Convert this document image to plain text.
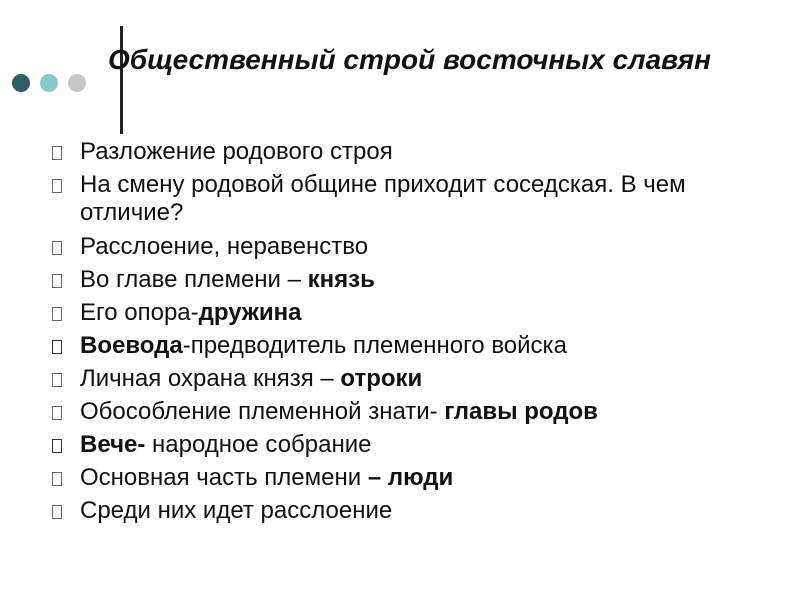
Общественный строй восточных славян
Разложение родового строя
На смену родовой общине приходит соседская. В чем отличие?
Расслоение, неравенство
Во главе племени – князь
Его опора-дружина
Воевода-предводитель племенного войска
Личная охрана князя – отроки
Обособление племенной знати- главы родов
Вече- народное собрание
Основная часть племени – люди
Среди них идет расслоение
